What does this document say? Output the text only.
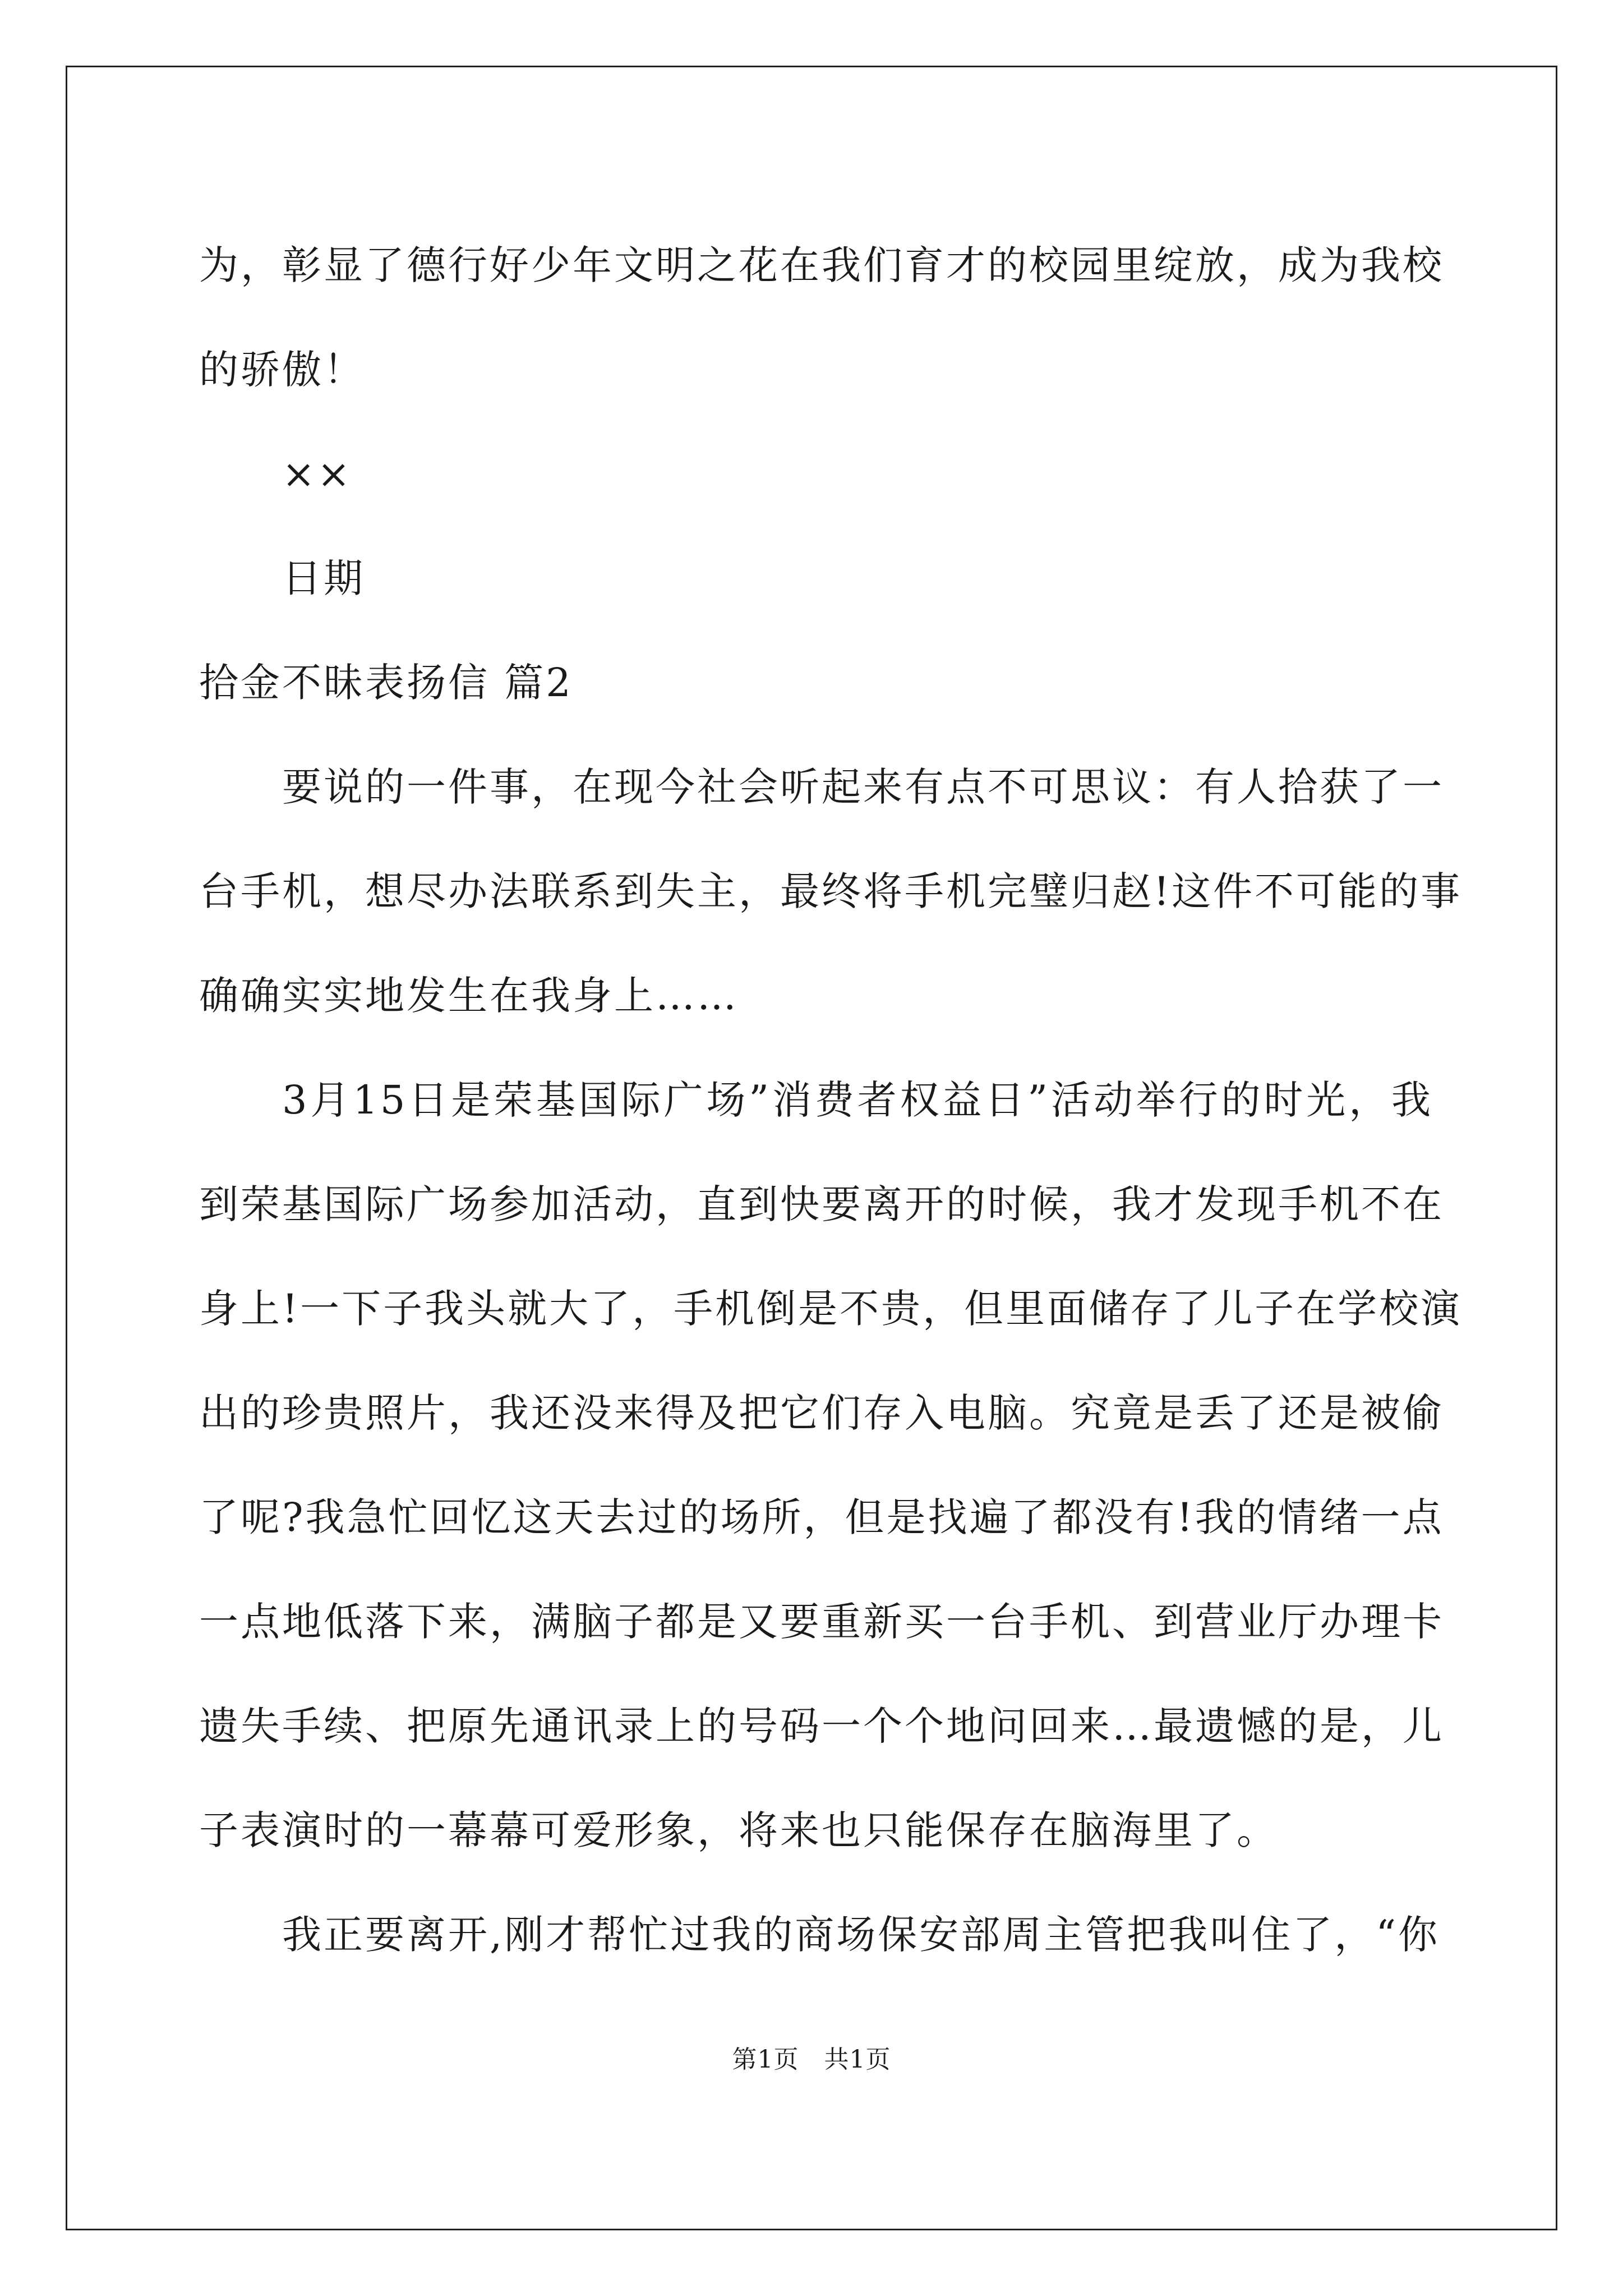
为，彰显了德行好少年文明之花在我们育才的校园里绽放，成为我校
的骄傲！
××
日期
拾金不昧表扬信 篇2
要说的一件事，在现今社会听起来有点不可思议：有人拾获了一
台手机，想尽办法联系到失主，最终将手机完璧归赵!这件不可能的事
确确实实地发生在我身上……
3月15日是荣基国际广场”消费者权益日”活动举行的时光，我
到荣基国际广场参加活动，直到快要离开的时候，我才发现手机不在
身上!一下子我头就大了，手机倒是不贵，但里面储存了儿子在学校演
出的珍贵照片，我还没来得及把它们存入电脑。究竟是丢了还是被偷
了呢?我急忙回忆这天去过的场所，但是找遍了都没有!我的情绪一点
一点地低落下来，满脑子都是又要重新买一台手机、到营业厅办理卡
遗失手续、把原先通讯录上的号码一个个地问回来…最遗憾的是，儿
子表演时的一幕幕可爱形象，将来也只能保存在脑海里了。
我正要离开,刚才帮忙过我的商场保安部周主管把我叫住了，“你
第1页　共1页
